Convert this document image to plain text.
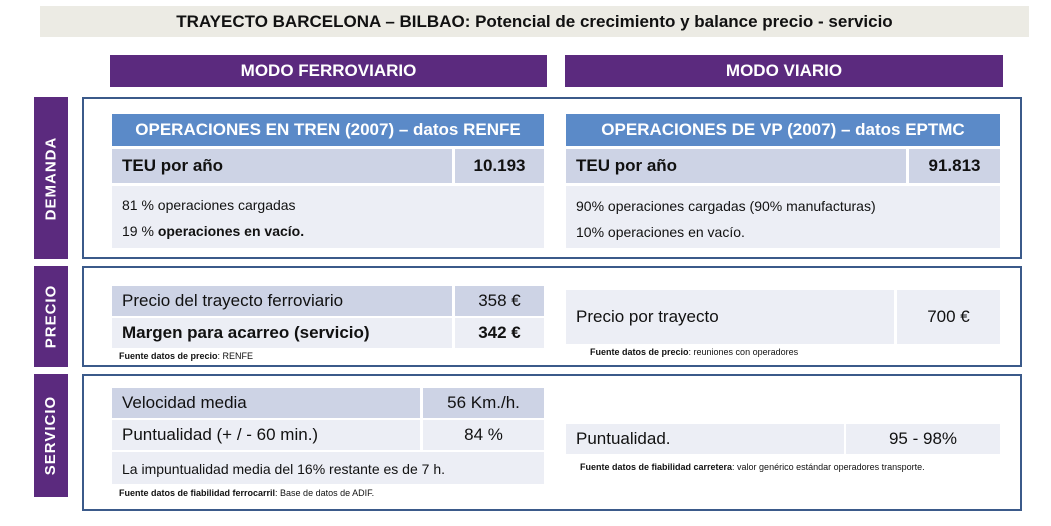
TRAYECTO BARCELONA – BILBAO: Potencial de crecimiento y balance precio - servicio
MODO FERROVIARIO	MODO VIARIO
DEMANDA
PRECIO
SERVICIO
OPERACIONES EN TREN (2007) – datos RENFE
TEU por año	10.193
81 % operaciones cargadas
19 % operaciones en vacío.
OPERACIONES DE VP (2007) – datos EPTMC
TEU por año	91.813
90% operaciones cargadas (90% manufacturas)
10% operaciones en vacío.
Precio del trayecto ferroviario	358 €
Margen para acarreo (servicio)	342 €
Fuente datos de precio: RENFE
Precio por trayecto	700 €
Fuente datos de precio: reuniones con operadores
Velocidad media	56 Km./h.
Puntualidad (+ / - 60 min.)	84 %
La impuntualidad media del 16% restante es de 7 h.
Fuente datos de fiabilidad ferrocarril: Base de datos de ADIF.
Puntualidad.	95 - 98%
Fuente datos de fiabilidad carretera: valor genérico estándar operadores transporte.
